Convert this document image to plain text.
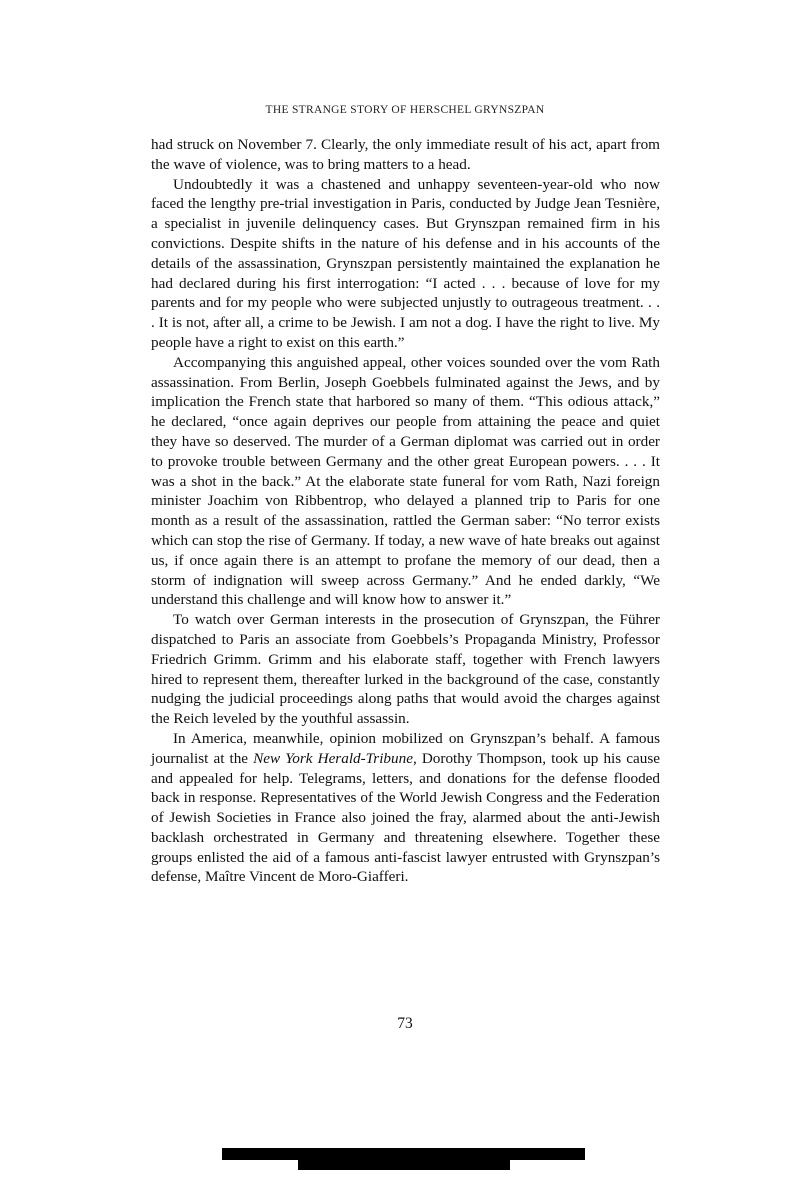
THE STRANGE STORY OF HERSCHEL GRYNSZPAN

had struck on November 7. Clearly, the only immediate result of his act, apart from the wave of violence, was to bring matters to a head.

Undoubtedly it was a chastened and unhappy seventeen-year-old who now faced the lengthy pre-trial investigation in Paris, conducted by Judge Jean Tesnière, a specialist in juvenile delinquency cases. But Grynszpan remained firm in his convictions. Despite shifts in the nature of his defense and in his accounts of the details of the assassination, Grynszpan persistently maintained the explanation he had declared during his first interrogation: “I acted . . . because of love for my parents and for my people who were subjected unjustly to outrageous treatment. . . . It is not, after all, a crime to be Jewish. I am not a dog. I have the right to live. My people have a right to exist on this earth.”

Accompanying this anguished appeal, other voices sounded over the vom Rath assassination. From Berlin, Joseph Goebbels fulminated against the Jews, and by implication the French state that harbored so many of them. “This odious attack,” he declared, “once again deprives our people from attaining the peace and quiet they have so deserved. The murder of a German diplomat was carried out in order to provoke trouble between Germany and the other great European powers. . . . It was a shot in the back.” At the elaborate state funeral for vom Rath, Nazi foreign minister Joachim von Ribbentrop, who delayed a planned trip to Paris for one month as a result of the assassination, rattled the German saber: “No terror exists which can stop the rise of Germany. If today, a new wave of hate breaks out against us, if once again there is an attempt to profane the memory of our dead, then a storm of indignation will sweep across Germany.” And he ended darkly, “We understand this challenge and will know how to answer it.”

To watch over German interests in the prosecution of Grynszpan, the Führer dispatched to Paris an associate from Goebbels’s Propaganda Ministry, Professor Friedrich Grimm. Grimm and his elaborate staff, together with French lawyers hired to represent them, thereafter lurked in the background of the case, constantly nudging the judicial proceedings along paths that would avoid the charges against the Reich leveled by the youthful assassin.

In America, meanwhile, opinion mobilized on Grynszpan’s behalf. A famous journalist at the New York Herald-Tribune, Dorothy Thompson, took up his cause and appealed for help. Telegrams, letters, and donations for the defense flooded back in response. Representatives of the World Jewish Congress and the Federation of Jewish Societies in France also joined the fray, alarmed about the anti-Jewish backlash orchestrated in Germany and threatening elsewhere. Together these groups enlisted the aid of a famous anti-fascist lawyer entrusted with Grynszpan’s defense, Maître Vincent de Moro-Giafferi.

73
